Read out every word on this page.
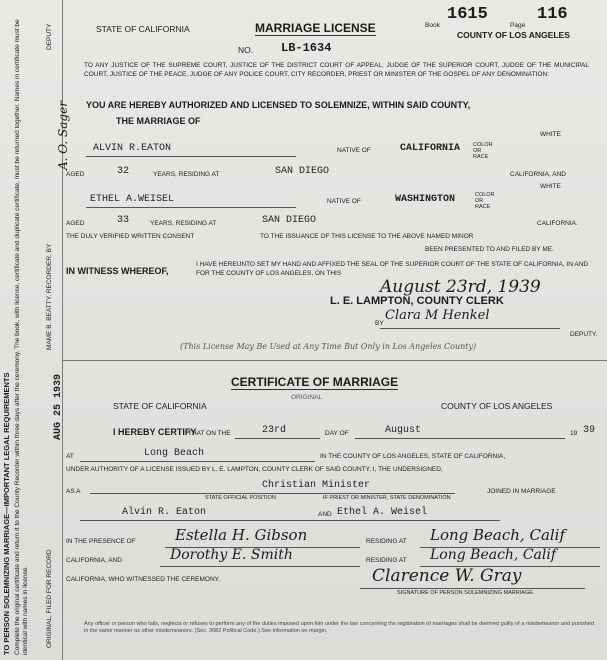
TO PERSON SOLEMNIZING MARRIAGE—IMPORTANT LEGAL REQUIREMENTS Complete the original certificate and return it to the County Recorder within three days after the ceremony. The book, with license, certificate and duplicate certificate, must be returned together. Names in certificate must be identical with names in license.	ORIGINAL, FILED FOR RECORD
MAME B. BEATTY, RECORDER, BY
DEPUTY
AUG 25 1939
A. O. Sager
STATE OF CALIFORNIA	MARRIAGE LICENSE	Book
1615
Page
116
COUNTY OF LOS ANGELES
NO. LB-1634
TO ANY JUSTICE OF THE SUPREME COURT, JUSTICE OF THE DISTRICT COURT OF APPEAL, JUDGE OF THE SUPERIOR COURT, JUDGE OF THE MUNICIPAL COURT, JUSTICE OF THE PEACE, JUDGE OF ANY POLICE COURT, CITY RECORDER, PRIEST OR MINISTER OF THE GOSPEL OF ANY DENOMINATION:
YOU ARE HEREBY AUTHORIZED AND LICENSED TO SOLEMNIZE, WITHIN SAID COUNTY,
THE MARRIAGE OF
ALVIN R.EATON	NATIVE OF	CALIFORNIA COLOR OR RACE
WHITE
AGED	32	YEARS, RESIDING AT	SAN DIEGO	CALIFORNIA, AND
WHITE
ETHEL A.WEISEL	NATIVE OF	WASHINGTON	COLOR OR RACE
AGED	33	YEARS, RESIDING AT	SAN DIEGO	CALIFORNIA.
THE DULY VERIFIED WRITTEN CONSENT	TO THE ISSUANCE OF THIS LICENSE TO THE ABOVE NAMED MINOR
BEEN PRESENTED TO AND FILED BY ME.
IN WITNESS WHEREOF,
I HAVE HEREUNTO SET MY HAND AND AFFIXED THE SEAL OF THE SUPERIOR COURT OF THE STATE OF CALIFORNIA, IN AND FOR THE COUNTY OF LOS ANGELES, ON THIS
August 23rd, 1939
L. E. LAMPTON, COUNTY CLERK
BY
Clara M Henkel
DEPUTY.
(This License May Be Used at Any Time But Only in Los Angeles County)
CERTIFICATE OF MARRIAGE
ORIGINAL
STATE OF CALIFORNIA	COUNTY OF LOS ANGELES
I HEREBY CERTIFY
THAT ON THE	23rd	DAY OF	August	19 39
AT	Long Beach	IN THE COUNTY OF LOS ANGELES, STATE OF CALIFORNIA,
UNDER AUTHORITY OF A LICENSE ISSUED BY L. E. LAMPTON, COUNTY CLERK OF SAID COUNTY, I, THE UNDERSIGNED,
AS A
Christian Minister
STATE OFFICIAL POSITION	IF PRIEST OR MINISTER, STATE DENOMINATION
JOINED IN MARRIAGE
Alvin R. Eaton	AND Ethel A. Weisel
IN THE PRESENCE OF	Estella H. Gibson	RESIDING AT Long Beach, Calif
CALIFORNIA, AND	Dorothy E. Smith	RESIDING AT Long Beach, Calif
CALIFORNIA, WHO WITNESSED THE CEREMONY.	Clarence W. Gray
SIGNATURE OF PERSON SOLEMNIZING MARRIAGE.
Any officer or person who fails, neglects or refuses to perform any of the duties imposed upon him under the law concerning the registration of marriages shall be deemed guilty of a misdemeanor and punished in the same manner as other misdemeanors. (Sec. 3082 Political Code.) See information on margin.
